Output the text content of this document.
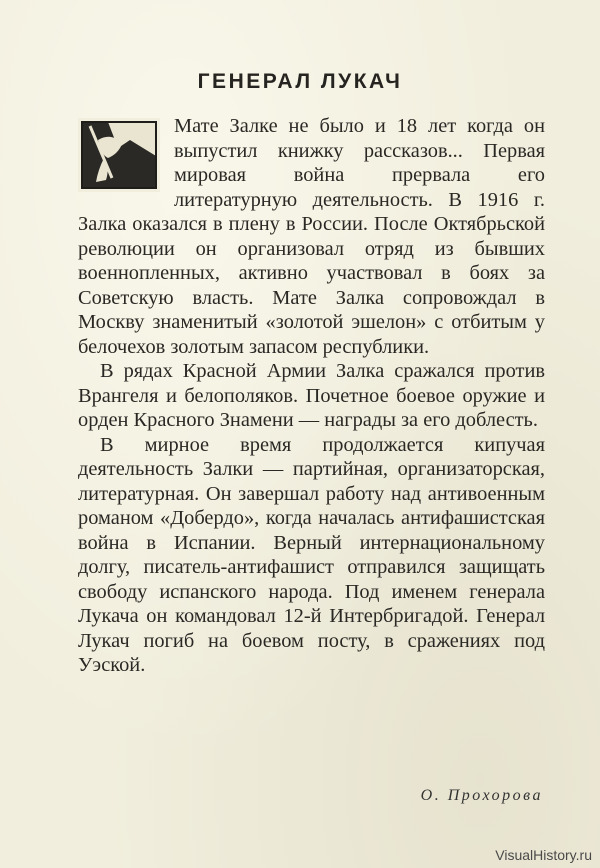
ГЕНЕРАЛ ЛУКАЧ

Мате Залке не было и 18 лет когда он выпустил книжку рассказов... Первая мировая война прервала его литературную деятельность. В 1916 г. Залка оказался в плену в России. После Октябрьской революции он организовал отряд из бывших военнопленных, активно участвовал в боях за Советскую власть. Мате Залка сопровождал в Москву знаменитый «золотой эшелон» с отбитым у белочехов золотым запасом республики.

В рядах Красной Армии Залка сражался против Врангеля и белополяков. Почетное боевое оружие и орден Красного Знамени — награды за его доблесть.

В мирное время продолжается кипучая деятельность Залки — партийная, организаторская, литературная. Он завершал работу над антивоенным романом «Добердо», когда началась антифашистская война в Испании. Верный интернациональному долгу, писатель-антифашист отправился защищать свободу испанского народа. Под именем генерала Лукача он командовал 12-й Интербригадой. Генерал Лукач погиб на боевом посту, в сражениях под Уэской.

О. Прохорова
VisualHistory.ru
